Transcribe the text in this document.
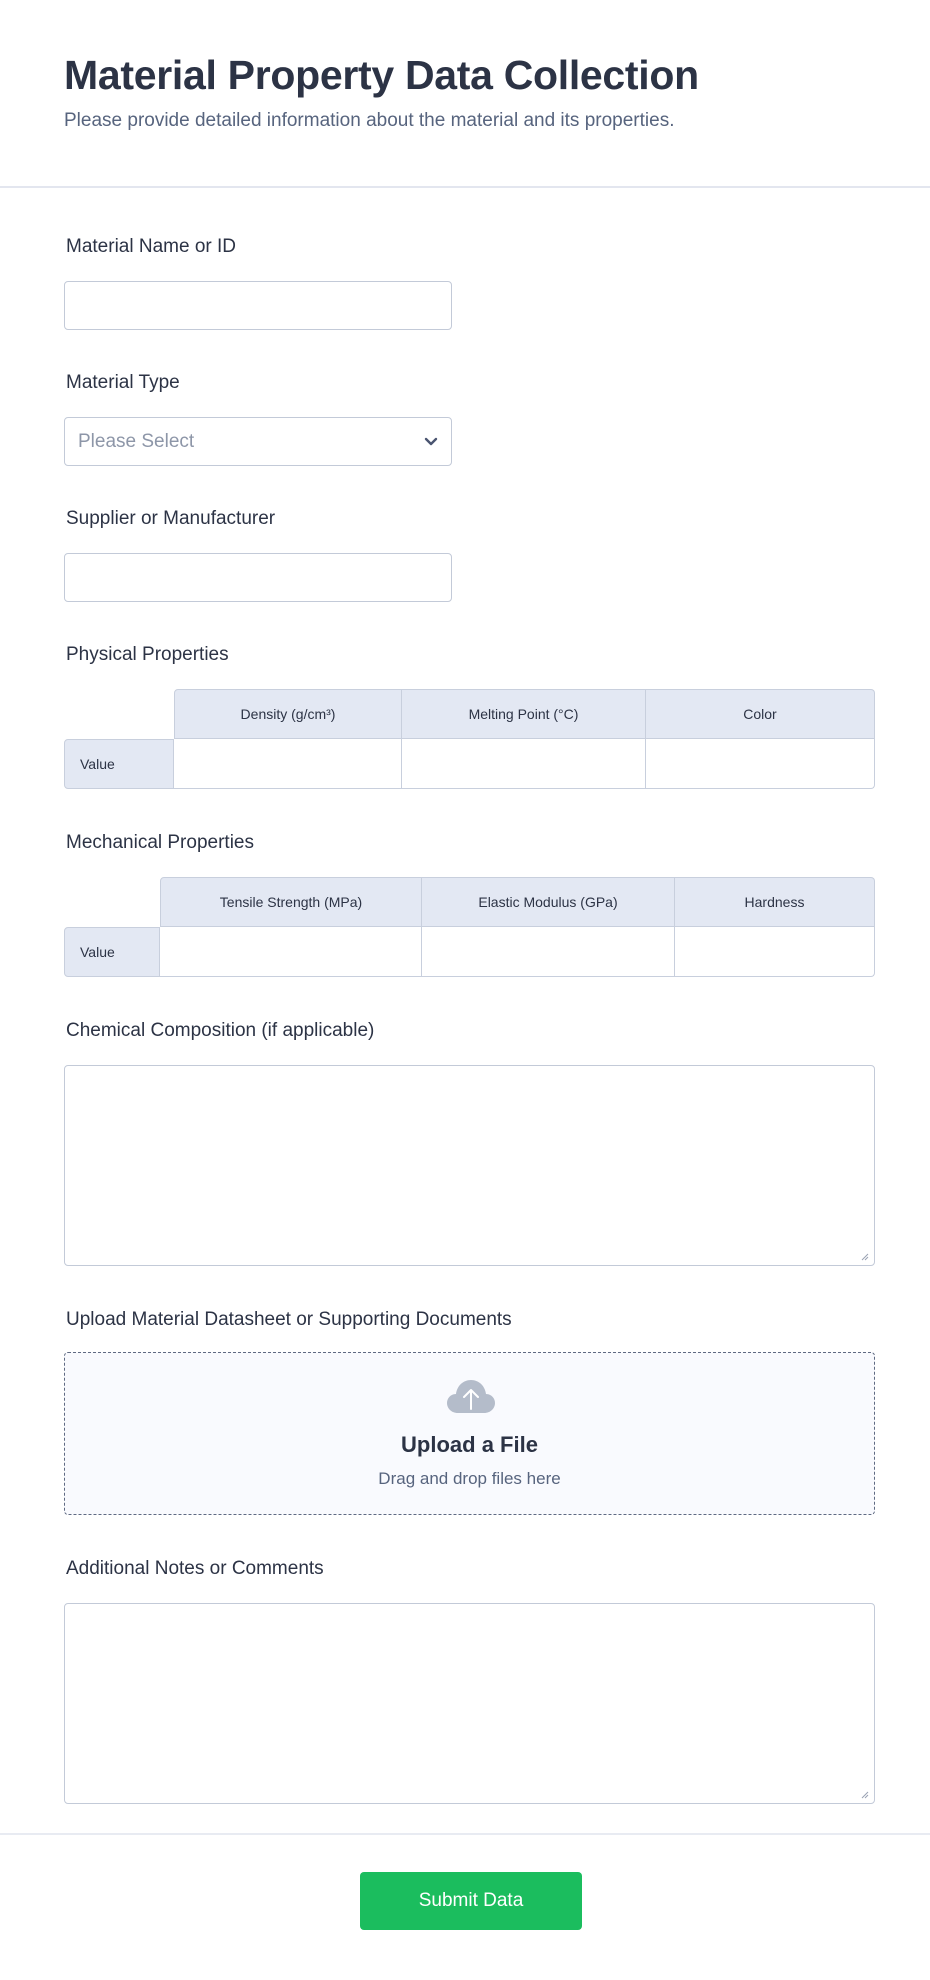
Material Property Data Collection
Please provide detailed information about the material and its properties.
Material Name or ID
Material Type
Please Select
Supplier or Manufacturer
Physical Properties
	Density (g/cm³)	Melting Point (°C)	Color
Value			
Mechanical Properties
	Tensile Strength (MPa)	Elastic Modulus (GPa)	Hardness
Value			
Chemical Composition (if applicable)
Upload Material Datasheet or Supporting Documents
Upload a File
Drag and drop files here
Additional Notes or Comments
Submit Data
